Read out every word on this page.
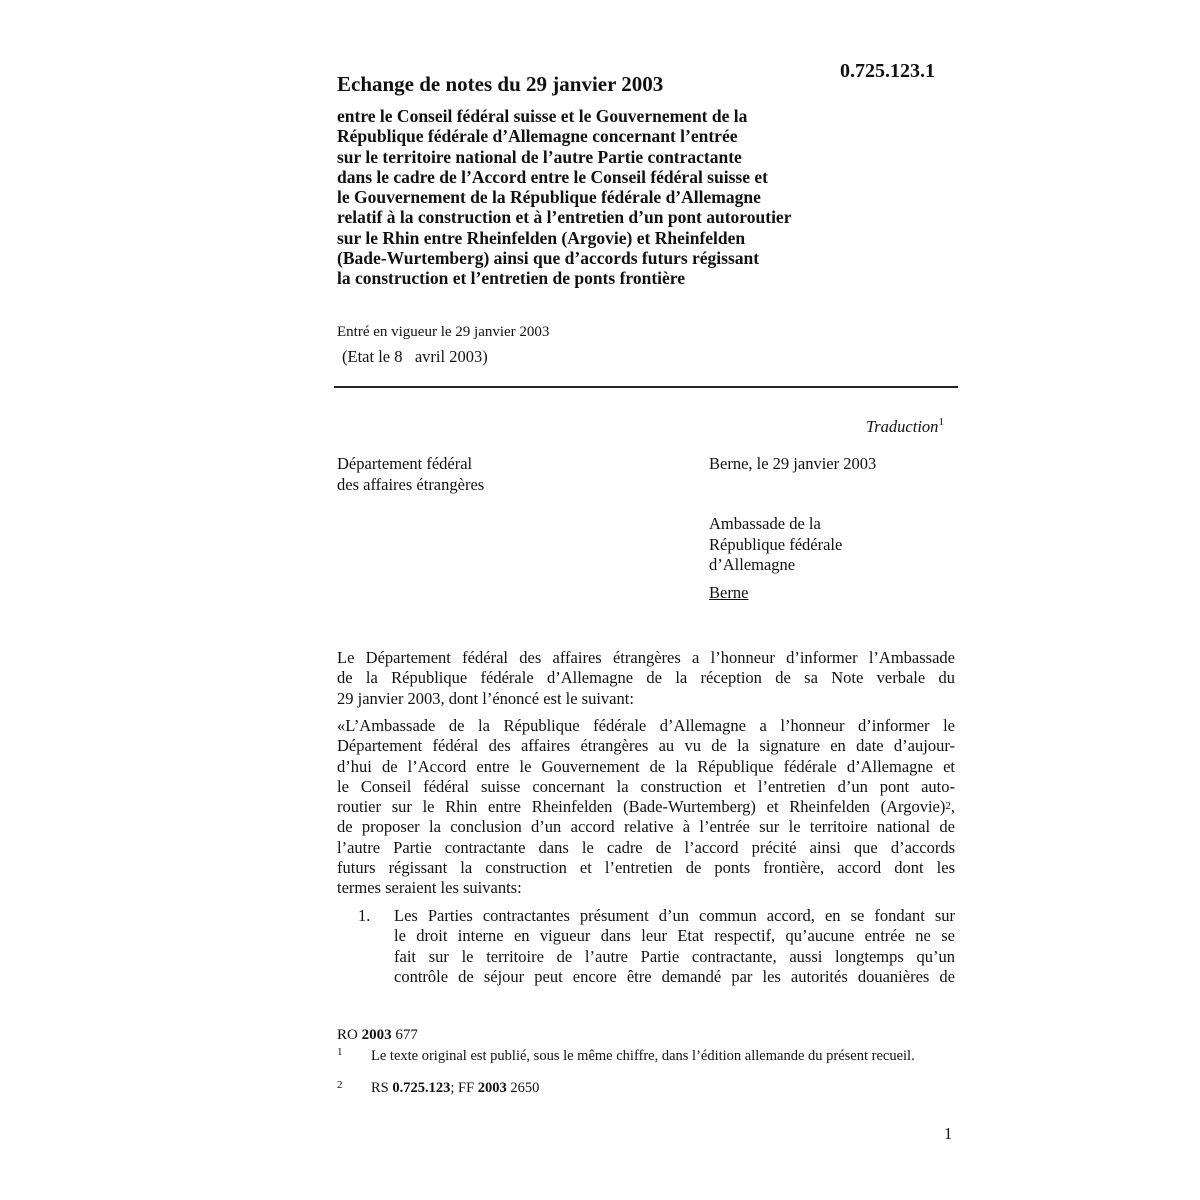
0.725.123.1
Echange de notes du 29 janvier 2003
entre le Conseil fédéral suisse et le Gouvernement de la
République fédérale d’Allemagne concernant l’entrée
sur le territoire national de l’autre Partie contractante
dans le cadre de l’Accord entre le Conseil fédéral suisse et
le Gouvernement de la République fédérale d’Allemagne
relatif à la construction et à l’entretien d’un pont autoroutier
sur le Rhin entre Rheinfelden (Argovie) et Rheinfelden
(Bade-Wurtemberg) ainsi que d’accords futurs régissant
la construction et l’entretien de ponts frontière
Entré en vigueur le 29 janvier 2003
(Etat le 8   avril 2003)
Traduction$^1$
Département fédéral
des affaires étrangères
Berne, le 29 janvier 2003
Ambassade de la
République fédérale
d’Allemagne
Berne
Le Département fédéral des affaires étrangères a l’honneur d’informer l’Ambassade
de la République fédérale d’Allemagne de la réception de sa Note verbale du
29 janvier 2003, dont l’énoncé est le suivant:
«L’Ambassade de la République fédérale d’Allemagne a l’honneur d’informer le
Département fédéral des affaires étrangères au vu de la signature en date d’aujour-
d’hui de l’Accord entre le Gouvernement de la République fédérale d’Allemagne et
le Conseil fédéral suisse concernant la construction et l’entretien d’un pont auto-
routier sur le Rhin entre Rheinfelden (Bade-Wurtemberg) et Rheinfelden (Argovie)$^2$,
de proposer la conclusion d’un accord relative à l’entrée sur le territoire national de
l’autre Partie contractante dans le cadre de l’accord précité ainsi que d’accords
futurs régissant la construction et l’entretien de ponts frontière, accord dont les
termes seraient les suivants:
1. Les Parties contractantes présument d’un commun accord, en se fondant sur
le droit interne en vigueur dans leur Etat respectif, qu’aucune entrée ne se
fait sur le territoire de l’autre Partie contractante, aussi longtemps qu’un
contrôle de séjour peut encore être demandé par les autorités douanières de
RO 2003 677
1 Le texte original est publié, sous le même chiffre, dans l’édition allemande du présent recueil.
2 RS 0.725.123; FF 2003 2650
1
